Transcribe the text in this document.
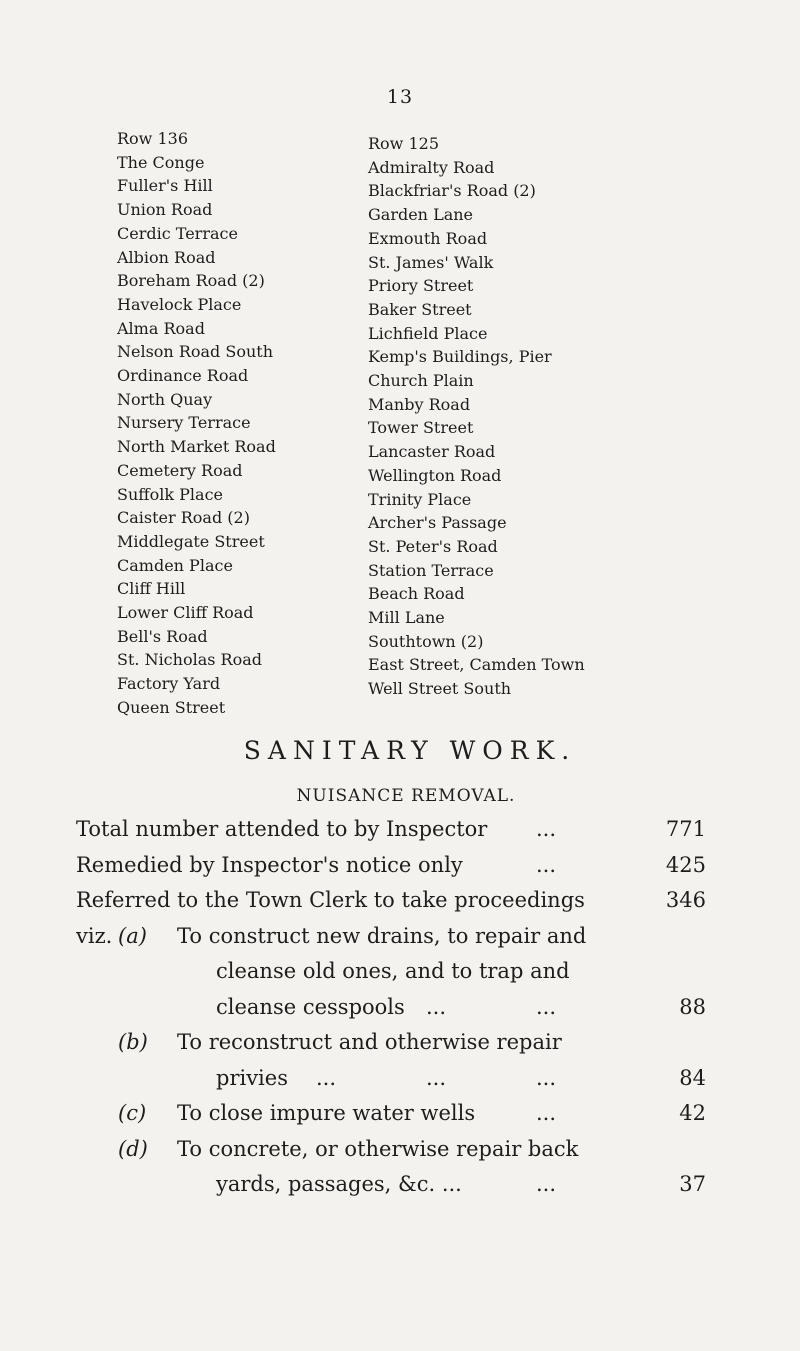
13
Row 136
The Conge
Fuller's Hill
Union Road
Cerdic Terrace
Albion Road
Boreham Road (2)
Havelock Place
Alma Road
Nelson Road South
Ordinance Road
North Quay
Nursery Terrace
North Market Road
Cemetery Road
Suffolk Place
Caister Road (2)
Middlegate Street
Camden Place
Cliff Hill
Lower Cliff Road
Bell's Road
St. Nicholas Road
Factory Yard
Queen Street
Row 125
Admiralty Road
Blackfriar's Road (2)
Garden Lane
Exmouth Road
St. James' Walk
Priory Street
Baker Street
Lichfield Place
Kemp's Buildings, Pier
Church Plain
Manby Road
Tower Street
Lancaster Road
Wellington Road
Trinity Place
Archer's Passage
St. Peter's Road
Station Terrace
Beach Road
Mill Lane
Southtown (2)
East Street, Camden Town
Well Street South
SANITARY WORK.
NUISANCE REMOVAL.
Total number attended to by Inspector ...	771
Remedied by Inspector's notice only	...	425
Referred to the Town Clerk to take proceedings	346
viz. (a) To construct new drains, to repair and
cleanse old ones, and to trap and
cleanse cesspools ...	...	88
(b) To reconstruct and otherwise repair
privies ...	...	...	84
(c) To close impure water wells	...	42
(d) To concrete, or otherwise repair back
yards, passages, &c. ...	...	37
